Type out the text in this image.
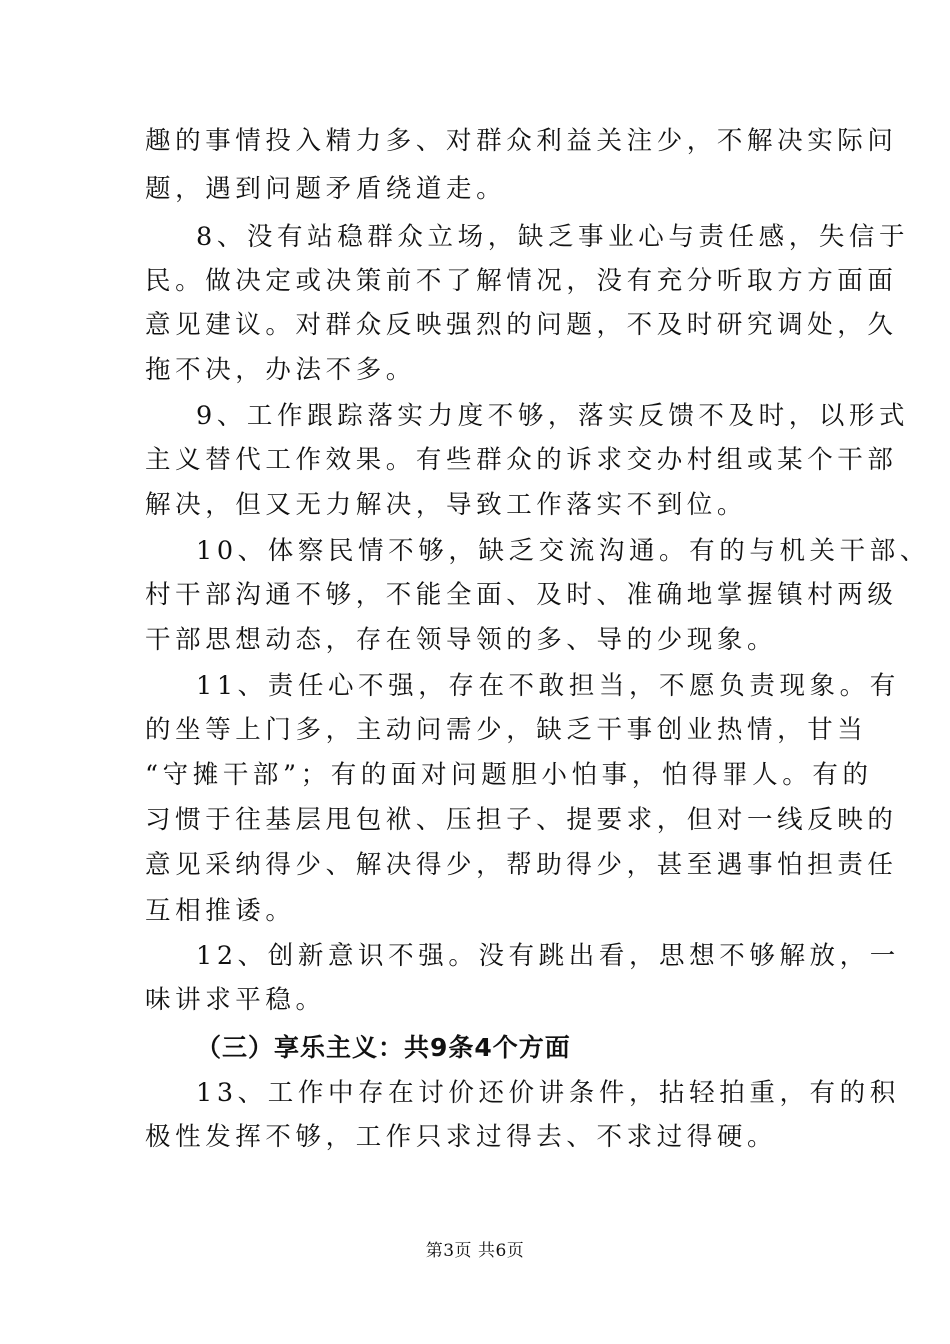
趣的事情投入精力多、对群众利益关注少，不解决实际问
题，遇到问题矛盾绕道走。
8、没有站稳群众立场，缺乏事业心与责任感，失信于
民。做决定或决策前不了解情况，没有充分听取方方面面
意见建议。对群众反映强烈的问题，不及时研究调处，久
拖不决，办法不多。
9、工作跟踪落实力度不够，落实反馈不及时，以形式
主义替代工作效果。有些群众的诉求交办村组或某个干部
解决，但又无力解决，导致工作落实不到位。
10、体察民情不够，缺乏交流沟通。有的与机关干部、
村干部沟通不够，不能全面、及时、准确地掌握镇村两级
干部思想动态，存在领导领的多、导的少现象。
11、责任心不强，存在不敢担当，不愿负责现象。有
的坐等上门多，主动问需少，缺乏干事创业热情，甘当
“守摊干部”；有的面对问题胆小怕事，怕得罪人。有的
习惯于往基层甩包袱、压担子、提要求，但对一线反映的
意见采纳得少、解决得少，帮助得少，甚至遇事怕担责任
互相推诿。
12、创新意识不强。没有跳出看，思想不够解放，一
味讲求平稳。
（三）享乐主义：共9条4个方面
13、工作中存在讨价还价讲条件，拈轻拍重，有的积
极性发挥不够，工作只求过得去、不求过得硬。
第3页 共6页
